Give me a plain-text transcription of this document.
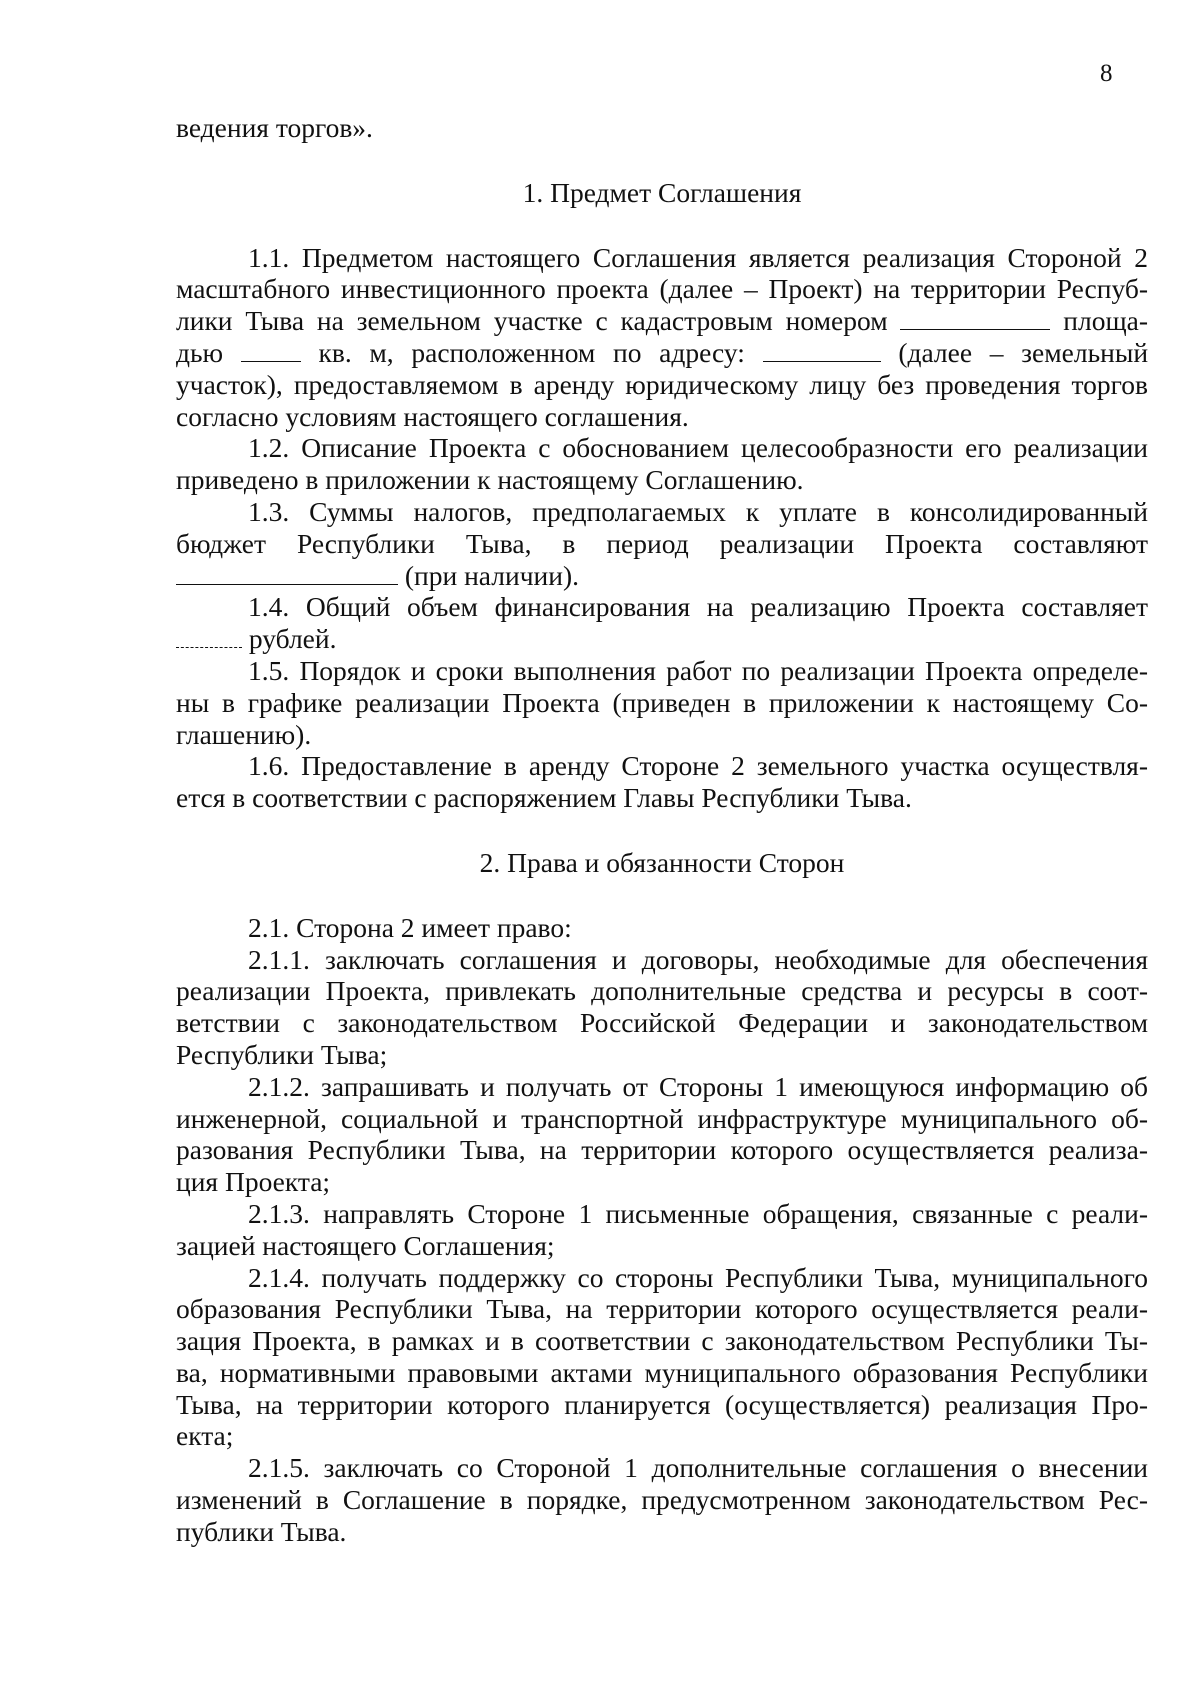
8
ведения торгов».
1. Предмет Соглашения
1.1. Предметом настоящего Соглашения является реализация Стороной 2
масштабного инвестиционного проекта (далее – Проект) на территории Респуб-
лики Тыва на земельном участке с кадастровым номером	площа-
дью	кв. м, расположенном по адресу:	(далее – земельный
участок), предоставляемом в аренду юридическому лицу без проведения торгов
согласно условиям настоящего соглашения.
1.2. Описание Проекта с обоснованием целесообразности его реализации
приведено в приложении к настоящему Соглашению.
1.3. Суммы налогов, предполагаемых к уплате в консолидированный
бюджет Республики Тыва, в период реализации Проекта составляют
(при наличии).
1.4. Общий объем финансирования на реализацию Проекта составляет
рублей.
1.5. Порядок и сроки выполнения работ по реализации Проекта определе-
ны в графике реализации Проекта (приведен в приложении к настоящему Со-
глашению).
1.6. Предоставление в аренду Стороне 2 земельного участка осуществля-
ется в соответствии с распоряжением Главы Республики Тыва.
2. Права и обязанности Сторон
2.1. Сторона 2 имеет право:
2.1.1. заключать соглашения и договоры, необходимые для обеспечения
реализации Проекта, привлекать дополнительные средства и ресурсы в соот-
ветствии с законодательством Российской Федерации и законодательством
Республики Тыва;
2.1.2. запрашивать и получать от Стороны 1 имеющуюся информацию об
инженерной, социальной и транспортной инфраструктуре муниципального об-
разования Республики Тыва, на территории которого осуществляется реализа-
ция Проекта;
2.1.3. направлять Стороне 1 письменные обращения, связанные с реали-
зацией настоящего Соглашения;
2.1.4. получать поддержку со стороны Республики Тыва, муниципального
образования Республики Тыва, на территории которого осуществляется реали-
зация Проекта, в рамках и в соответствии с законодательством Республики Ты-
ва, нормативными правовыми актами муниципального образования Республики
Тыва, на территории которого планируется (осуществляется) реализация Про-
екта;
2.1.5. заключать со Стороной 1 дополнительные соглашения о внесении
изменений в Соглашение в порядке, предусмотренном законодательством Рес-
публики Тыва.
